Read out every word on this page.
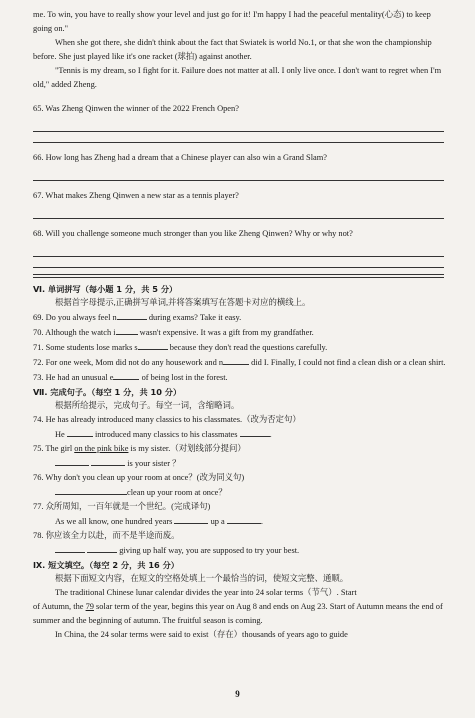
me. To win, you have to really show your level and just go for it! I'm happy I had the peaceful mentality(心态) to keep going on."

When she got there, she didn't think about the fact that Swiatek is world No.1, or that she won the championship before. She just played like it's one racket (球拍) against another.

"Tennis is my dream, so I fight for it. Failure does not matter at all. I only live once. I don't want to regret when I'm old," added Zheng.

65. Was Zheng Qinwen the winner of the 2022 French Open?

66. How long has Zheng had a dream that a Chinese player can also win a Grand Slam?

67. What makes Zheng Qinwen a new star as a tennis player?

68. Will you challenge someone much stronger than you like Zheng Qinwen? Why or why not?

Ⅵ. 单词拼写（每小题 1 分，共 5 分）

根据首字母提示,正确拼写单词,并将答案填写在答题卡对应的横线上。

69. Do you always feel n	during exams? Take it easy.

70. Although the watch i	wasn't expensive. It was a gift from my grandfather.

71. Some students lose marks s	because they don't read the questions carefully.

72. For one week, Mom did not do any housework and n	did I. Finally, I could not find a clean dish or a clean shirt.

73. He had an unusual e	of being lost in the forest.

Ⅶ. 完成句子。（每空 1 分，共 10 分）

根据所给提示，完成句子。每空一词，含缩略词。

74. He has already introduced many classics to his classmates.（改为否定句）

He	introduced many classics to his classmates	.

75. The girl on the pink bike is my sister.（对划线部分提问）

is your sister ？

76. Why don't you clean up your room at once？(改为同义句)

clean up your room at once？

77. 众所周知，一百年就是一个世纪。(完成译句)

As we all know, one hundred years	up a	.

78. 你应该全力以赴，而不是半途而废。

giving up half way, you are supposed to try your best.

Ⅸ. 短文填空。（每空 2 分，共 16 分）

根据下面短文内容，在短文的空格处填上一个最恰当的词，使短文完整、通顺。

The traditional Chinese lunar calendar divides the year into 24 solar terms（节气）. Start

of Autumn, the 79 solar term of the year, begins this year on Aug 8 and ends on Aug 23. Start of Autumn means the end of summer and the beginning of autumn. The fruitful season is coming.

In China, the 24 solar terms were said to exist（存在）thousands of years ago to guide

9
